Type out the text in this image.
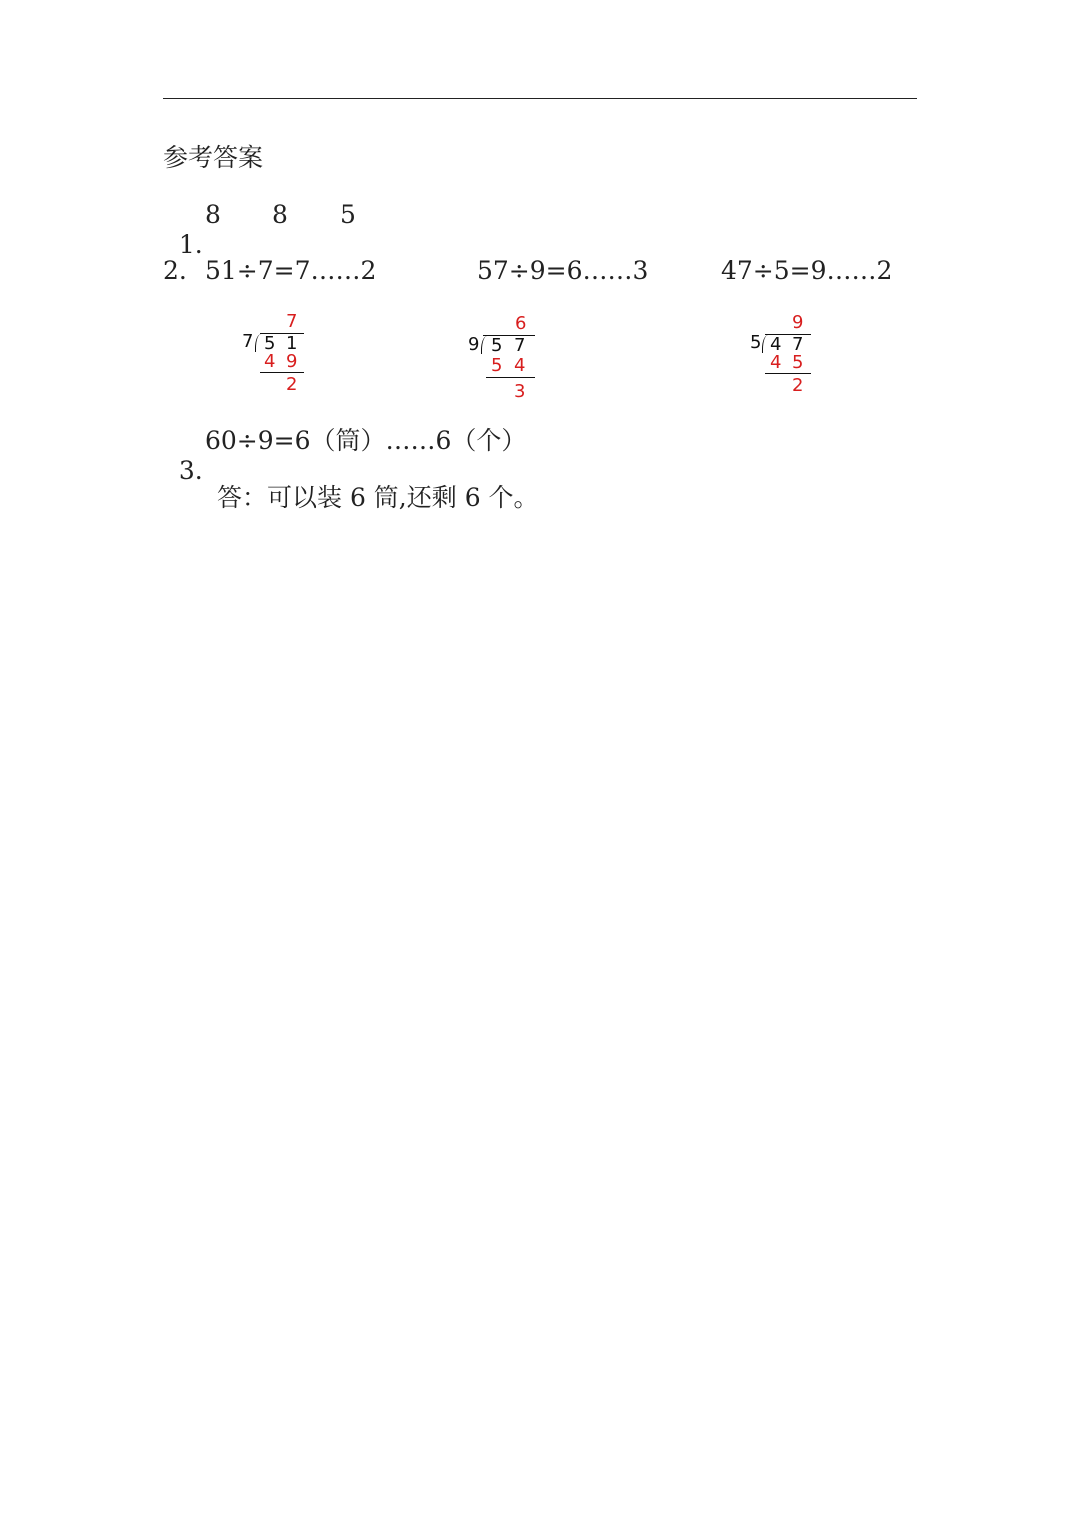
参考答案

1.

8

8

5

2. 51÷7=7……2	57÷9=6……3	47÷5=9……2
7
7 5 1
4 9
2
6
9 5 7
5 4
3
9
5 4 7
4 5
2

3.

60÷9=6（筒）……6（个）

答：可以装 6 筒,还剩 6 个。
